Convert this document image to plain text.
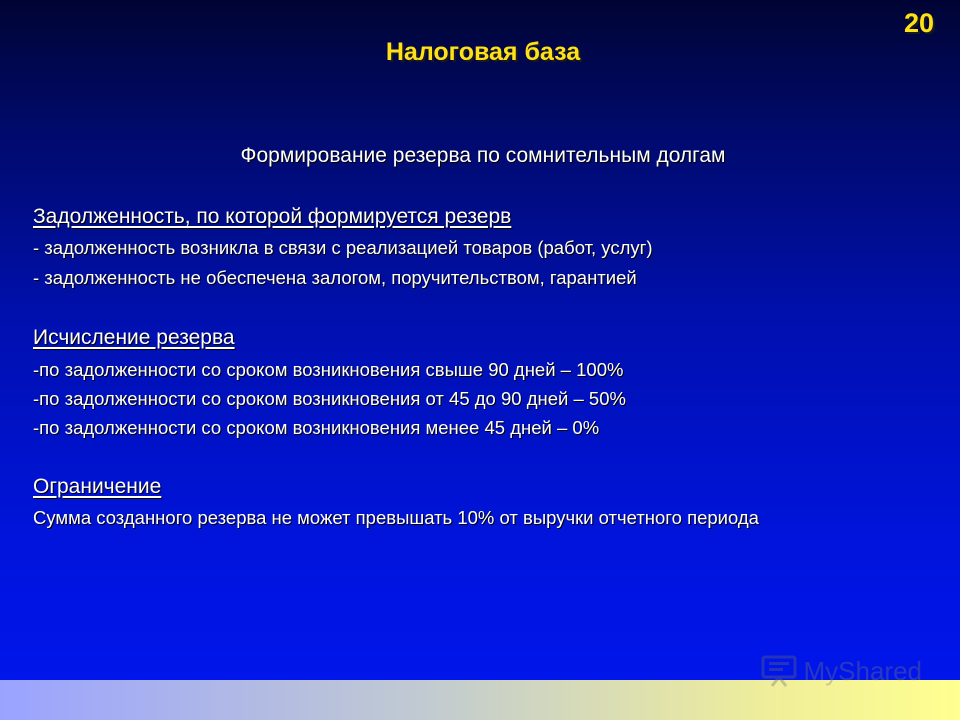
20
Налоговая база
Формирование резерва по сомнительным долгам
Задолженность, по которой формируется резерв
- задолженность возникла в связи с реализацией товаров (работ, услуг)
- задолженность не обеспечена залогом, поручительством, гарантией
Исчисление резерва
-по задолженности со сроком возникновения свыше 90 дней – 100%
-по задолженности со сроком возникновения от 45 до 90 дней – 50%
-по задолженности со сроком возникновения менее 45 дней – 0%
Ограничение
Сумма созданного резерва не может превышать 10% от выручки отчетного периода
MyShared
